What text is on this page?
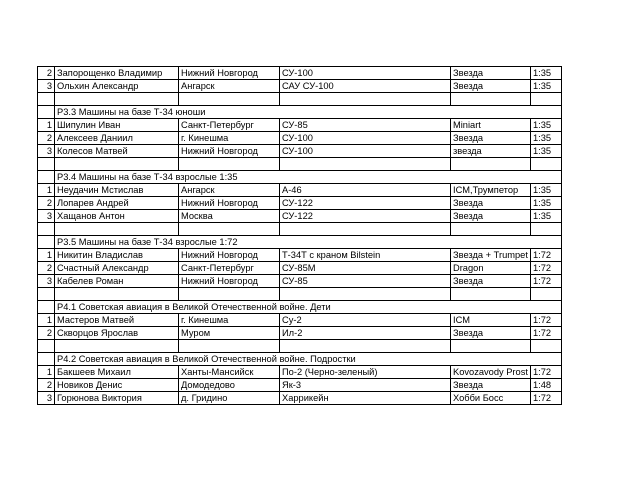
2	Запорощенко Владимир	Нижний Новгород	СУ-100	Звезда	1:35
3	Ольхин Александр	Ангарск	САУ СУ-100	Звезда	1:35

	Р3.3 Машины на базе Т-34 юноши				
1	Шипулин Иван	Санкт-Петербург	СУ-85	Miniart	1:35
2	Алексеев Даниил	г. Кинешма	СУ-100	Звезда	1:35
3	Колесов Матвей	Нижний Новгород	СУ-100	звезда	1:35

	Р3.4 Машины на базе Т-34 взрослые 1:35				
1	Неудачин Мстислав	Ангарск	А-46	ICM,Трумпетор	1:35
2	Лопарев Андрей	Нижний Новгород	СУ-122	Звезда	1:35
3	Хащанов Антон	Москва	СУ-122	Звезда	1:35

	Р3.5 Машины на базе Т-34 взрослые 1:72				
1	Никитин Владислав	Нижний Новгород	Т-34Т с краном Bilstein	Звезда + Trumpet	1:72
2	Счастный Александр	Санкт-Петербург	СУ-85М	Dragon	1:72
3	Кабелев Роман	Нижний Новгород	СУ-85	Звезда	1:72

	Р4.1 Советская авиация в Великой Отечественной войне. Дети				
1	Мастеров Матвей	г. Кинешма	Су-2	ICM	1:72
2	Скворцов Ярослав	Муром	Ил-2	Звезда	1:72

	Р4.2 Советская авиация в Великой Отечественной войне. Подростки				
1	Бакшеев Михаил	Ханты-Мансийск	По-2 (Черно-зеленый)	Kovozavody Prost	1:72
2	Новиков Денис	Домодедово	Як-3	Звезда	1:48
3	Горюнова Виктория	д. Гридино	Харрикейн	Хобби Босс	1:72
